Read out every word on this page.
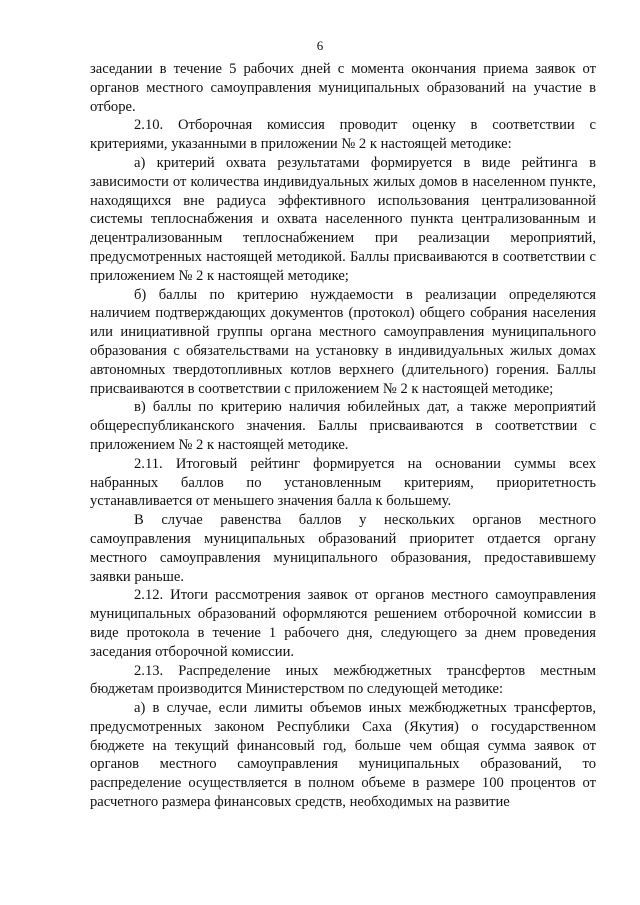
6

заседании в течение 5 рабочих дней с момента окончания приема заявок от органов местного самоуправления муниципальных образований на участие в отборе.

2.10. Отборочная комиссия проводит оценку в соответствии с критериями, указанными в приложении № 2 к настоящей методике:

а) критерий охвата результатами формируется в виде рейтинга в зависимости от количества индивидуальных жилых домов в населенном пункте, находящихся вне радиуса эффективного использования централизованной системы теплоснабжения и охвата населенного пункта централизованным и децентрализованным теплоснабжением при реализации мероприятий, предусмотренных настоящей методикой. Баллы присваиваются в соответствии с приложением № 2 к настоящей методике;

б) баллы по критерию нуждаемости в реализации определяются наличием подтверждающих документов (протокол) общего собрания населения или инициативной группы органа местного самоуправления муниципального образования с обязательствами на установку в индивидуальных жилых домах автономных твердотопливных котлов верхнего (длительного) горения. Баллы присваиваются в соответствии с приложением № 2 к настоящей методике;

в) баллы по критерию наличия юбилейных дат, а также мероприятий общереспубликанского значения. Баллы присваиваются в соответствии с приложением № 2 к настоящей методике.

2.11. Итоговый рейтинг формируется на основании суммы всех набранных баллов по установленным критериям, приоритетность устанавливается от меньшего значения балла к большему.

В случае равенства баллов у нескольких органов местного самоуправления муниципальных образований приоритет отдается органу местного самоуправления муниципального образования, предоставившему заявки раньше.

2.12. Итоги рассмотрения заявок от органов местного самоуправления муниципальных образований оформляются решением отборочной комиссии в виде протокола в течение 1 рабочего дня, следующего за днем проведения заседания отборочной комиссии.

2.13. Распределение иных межбюджетных трансфертов местным бюджетам производится Министерством по следующей методике:

а) в случае, если лимиты объемов иных межбюджетных трансфертов, предусмотренных законом Республики Саха (Якутия) о государственном бюджете на текущий финансовый год, больше чем общая сумма заявок от органов местного самоуправления муниципальных образований, то распределение осуществляется в полном объеме в размере 100 процентов от расчетного размера финансовых средств, необходимых на развитие
